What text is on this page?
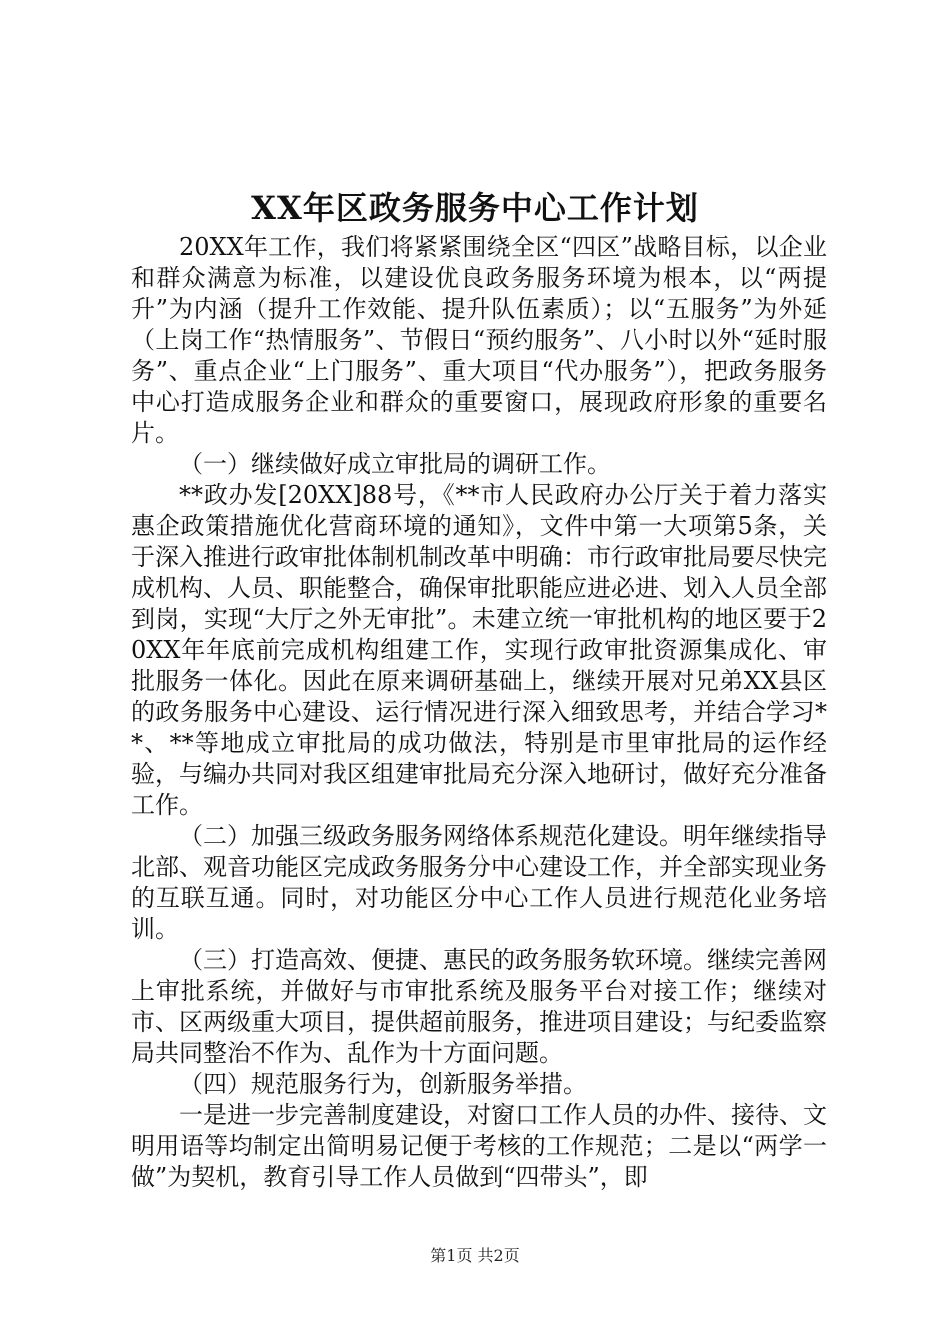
XX年区政务服务中心工作计划

20XX年工作，我们将紧紧围绕全区“四区”战略目标，以企业和群众满意为标准，以建设优良政务服务环境为根本，以“两提升”为内涵（提升工作效能、提升队伍素质）；以“五服务”为外延（上岗工作“热情服务”、节假日“预约服务”、八小时以外“延时服务”、重点企业“上门服务”、重大项目“代办服务”），把政务服务中心打造成服务企业和群众的重要窗口，展现政府形象的重要名片。

（一）继续做好成立审批局的调研工作。

**政办发[20XX]88号，《**市人民政府办公厅关于着力落实惠企政策措施优化营商环境的通知》，文件中第一大项第5条，关于深入推进行政审批体制机制改革中明确：市行政审批局要尽快完成机构、人员、职能整合，确保审批职能应进必进、划入人员全部到岗，实现“大厅之外无审批”。未建立统一审批机构的地区要于20XX年年底前完成机构组建工作，实现行政审批资源集成化、审批服务一体化。因此在原来调研基础上，继续开展对兄弟XX县区的政务服务中心建设、运行情况进行深入细致思考，并结合学习**、**等地成立审批局的成功做法，特别是市里审批局的运作经验，与编办共同对我区组建审批局充分深入地研讨，做好充分准备工作。

（二）加强三级政务服务网络体系规范化建设。明年继续指导北部、观音功能区完成政务服务分中心建设工作，并全部实现业务的互联互通。同时，对功能区分中心工作人员进行规范化业务培训。

（三）打造高效、便捷、惠民的政务服务软环境。继续完善网上审批系统，并做好与市审批系统及服务平台对接工作；继续对市、区两级重大项目，提供超前服务，推进项目建设；与纪委监察局共同整治不作为、乱作为十方面问题。

（四）规范服务行为，创新服务举措。

一是进一步完善制度建设，对窗口工作人员的办件、接待、文明用语等均制定出简明易记便于考核的工作规范；二是以“两学一做”为契机，教育引导工作人员做到“四带头”，即

第1页 共2页
